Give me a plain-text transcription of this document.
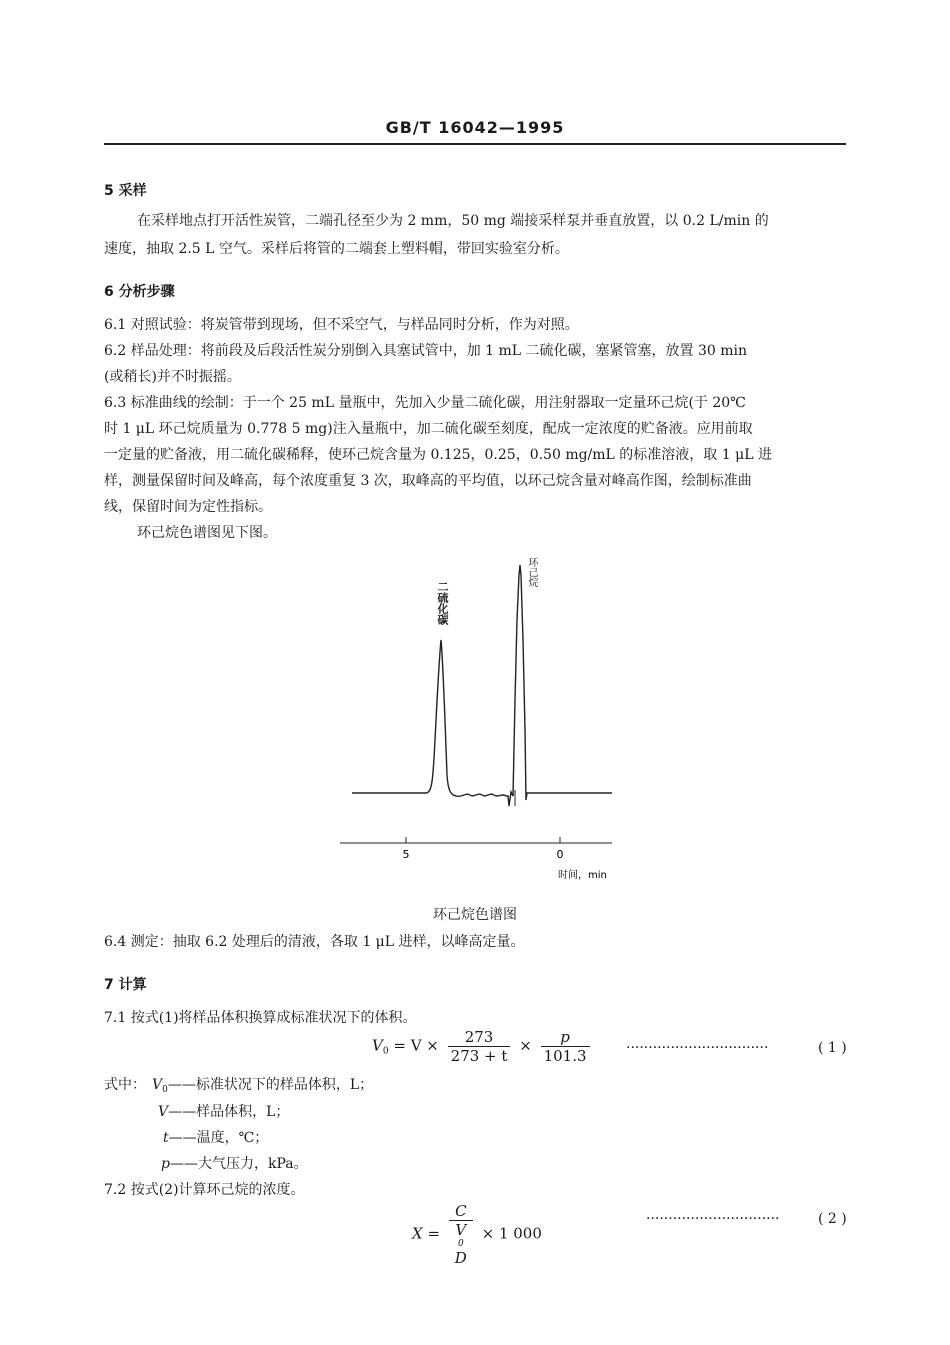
GB/T 16042—1995
5 采样
在采样地点打开活性炭管，二端孔径至少为 2 mm，50 mg 端接采样泵并垂直放置，以 0.2 L/min 的
速度，抽取 2.5 L 空气。采样后将管的二端套上塑料帽，带回实验室分析。
6 分析步骤
6.1 对照试验：将炭管带到现场，但不采空气，与样品同时分析，作为对照。
6.2 样品处理：将前段及后段活性炭分别倒入具塞试管中，加 1 mL 二硫化碳，塞紧管塞，放置 30 min
(或稍长)并不时振摇。
6.3 标准曲线的绘制：于一个 25 mL 量瓶中，先加入少量二硫化碳，用注射器取一定量环己烷(于 20℃
时 1 μL 环己烷质量为 0.778 5 mg)注入量瓶中，加二硫化碳至刻度，配成一定浓度的贮备液。应用前取
一定量的贮备液，用二硫化碳稀释，使环己烷含量为 0.125，0.25，0.50 mg/mL 的标准溶液，取 1 μL 进
样，测量保留时间及峰高，每个浓度重复 3 次，取峰高的平均值，以环己烷含量对峰高作图，绘制标准曲
线，保留时间为定性指标。
环己烷色谱图见下图。
5	0
时间，min
二硫化碳
环己烷
环己烷色谱图
6.4 测定：抽取 6.2 处理后的清液，各取 1 μL 进样，以峰高定量。
7 计算
7.1 按式(1)将样品体积换算成标准状况下的体积。
$V_0 = V \times \frac{273}{273 + t} \times \frac{p}{101.3}$	································	( 1 )
式中： $V_0——$标准状况下的样品体积，L；
V——样品体积，L；
t——温度，℃；
p——大气压力，kPa。
7.2 按式(2)计算环己烷的浓度。
X = C
V
0
D × 1 000
······························	( 2 )
